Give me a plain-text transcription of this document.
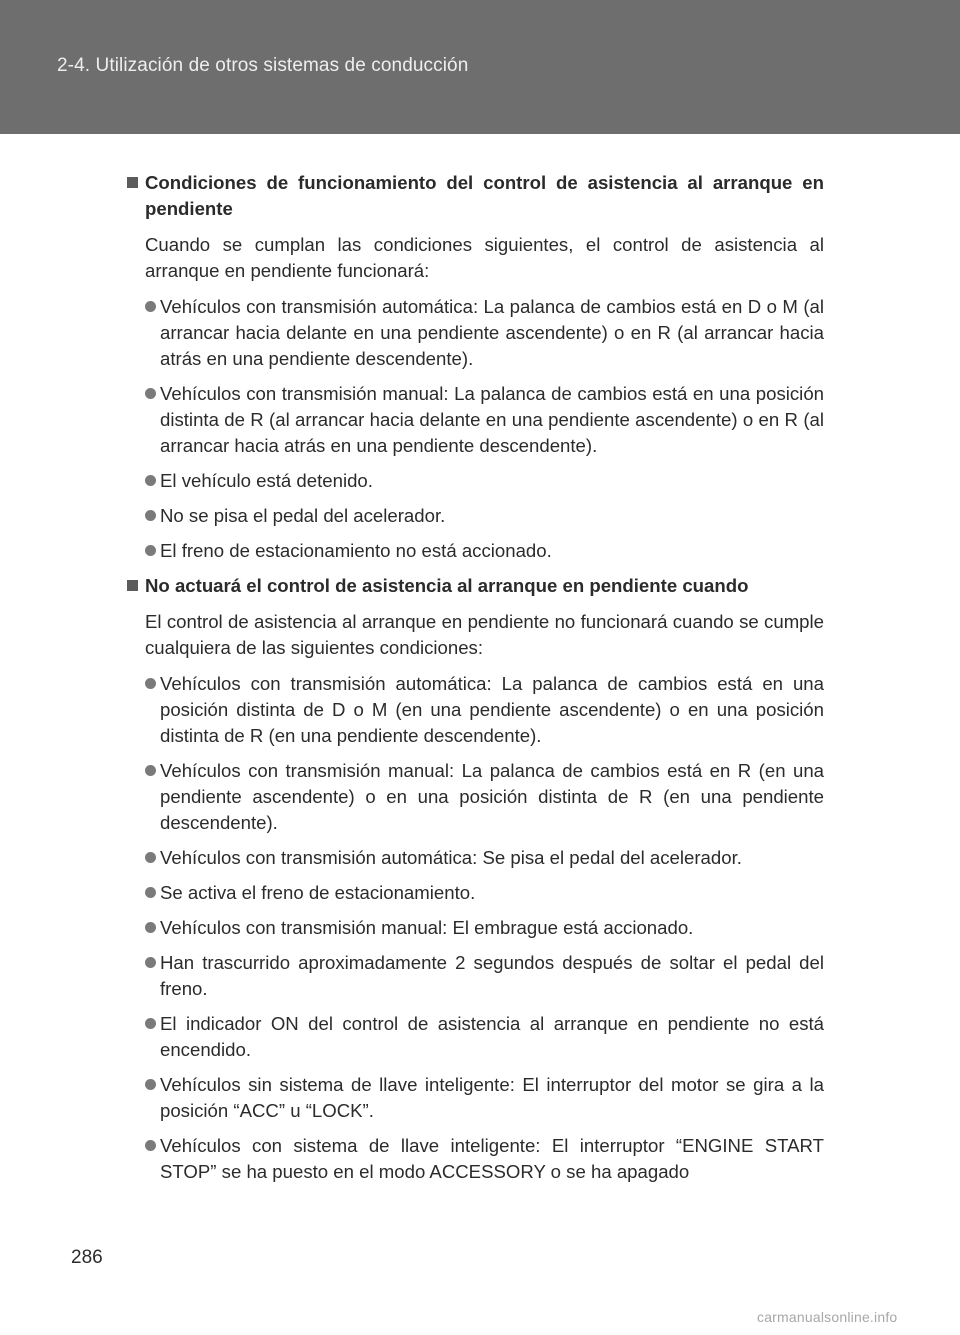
2-4. Utilización de otros sistemas de conducción
Condiciones de funcionamiento del control de asistencia al arranque en pendiente
Cuando se cumplan las condiciones siguientes, el control de asistencia al arranque en pendiente funcionará:
Vehículos con transmisión automática: La palanca de cambios está en D o M (al arrancar hacia delante en una pendiente ascendente) o en R (al arrancar hacia atrás en una pendiente descendente).
Vehículos con transmisión manual: La palanca de cambios está en una posición distinta de R (al arrancar hacia delante en una pendiente ascendente) o en R (al arrancar hacia atrás en una pendiente descendente).
El vehículo está detenido.
No se pisa el pedal del acelerador.
El freno de estacionamiento no está accionado.
No actuará el control de asistencia al arranque en pendiente cuando
El control de asistencia al arranque en pendiente no funcionará cuando se cumple cualquiera de las siguientes condiciones:
Vehículos con transmisión automática: La palanca de cambios está en una posición distinta de D o M (en una pendiente ascendente) o en una posición distinta de R (en una pendiente descendente).
Vehículos con transmisión manual: La palanca de cambios está en R (en una pendiente ascendente) o en una posición distinta de R (en una pendiente descendente).
Vehículos con transmisión automática: Se pisa el pedal del acelerador.
Se activa el freno de estacionamiento.
Vehículos con transmisión manual: El embrague está accionado.
Han trascurrido aproximadamente 2 segundos después de soltar el pedal del freno.
El indicador ON del control de asistencia al arranque en pendiente no está encendido.
Vehículos sin sistema de llave inteligente: El interruptor del motor se gira a la posición “ACC” u “LOCK”.
Vehículos con sistema de llave inteligente: El interruptor “ENGINE START STOP” se ha puesto en el modo ACCESSORY o se ha apagado
286
carmanualsonline.info
